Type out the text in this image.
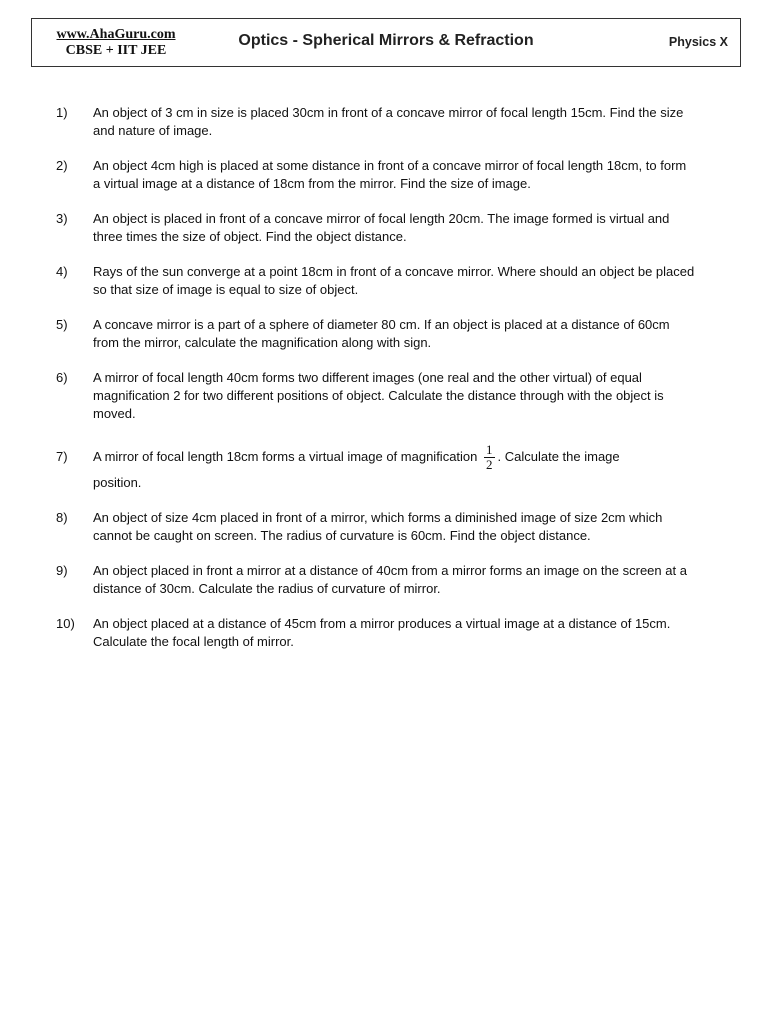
www.AhaGuru.com
CBSE + IIT JEE
Optics - Spherical Mirrors & Refraction	Physics X
1) An object of 3 cm in size is placed 30cm in front of a concave mirror of focal length 15cm. Find the size and nature of image.
2) An object 4cm high is placed at some distance in front of a concave mirror of focal length 18cm, to form a virtual image at a distance of 18cm from the mirror. Find the size of image.
3) An object is placed in front of a concave mirror of focal length 20cm. The image formed is virtual and three times the size of object. Find the object distance.
4) Rays of the sun converge at a point 18cm in front of a concave mirror. Where should an object be placed so that size of image is equal to size of object.
5) A concave mirror is a part of a sphere of diameter 80 cm. If an object is placed at a distance of 60cm from the mirror, calculate the magnification along with sign.
6) A mirror of focal length 40cm forms two different images (one real and the other virtual) of equal magnification 2 for two different positions of object. Calculate the distance through with the object is moved.
7) A mirror of focal length 18cm forms a virtual image of magnification $\frac{1}{2}$ . Calculate the image
position.
8) An object of size 4cm placed in front of a mirror, which forms a diminished image of size 2cm which cannot be caught on screen. The radius of curvature is 60cm. Find the object distance.
9) An object placed in front a mirror at a distance of 40cm from a mirror forms an image on the screen at a distance of 30cm. Calculate the radius of curvature of mirror.
10) An object placed at a distance of 45cm from a mirror produces a virtual image at a distance of 15cm. Calculate the focal length of mirror.
